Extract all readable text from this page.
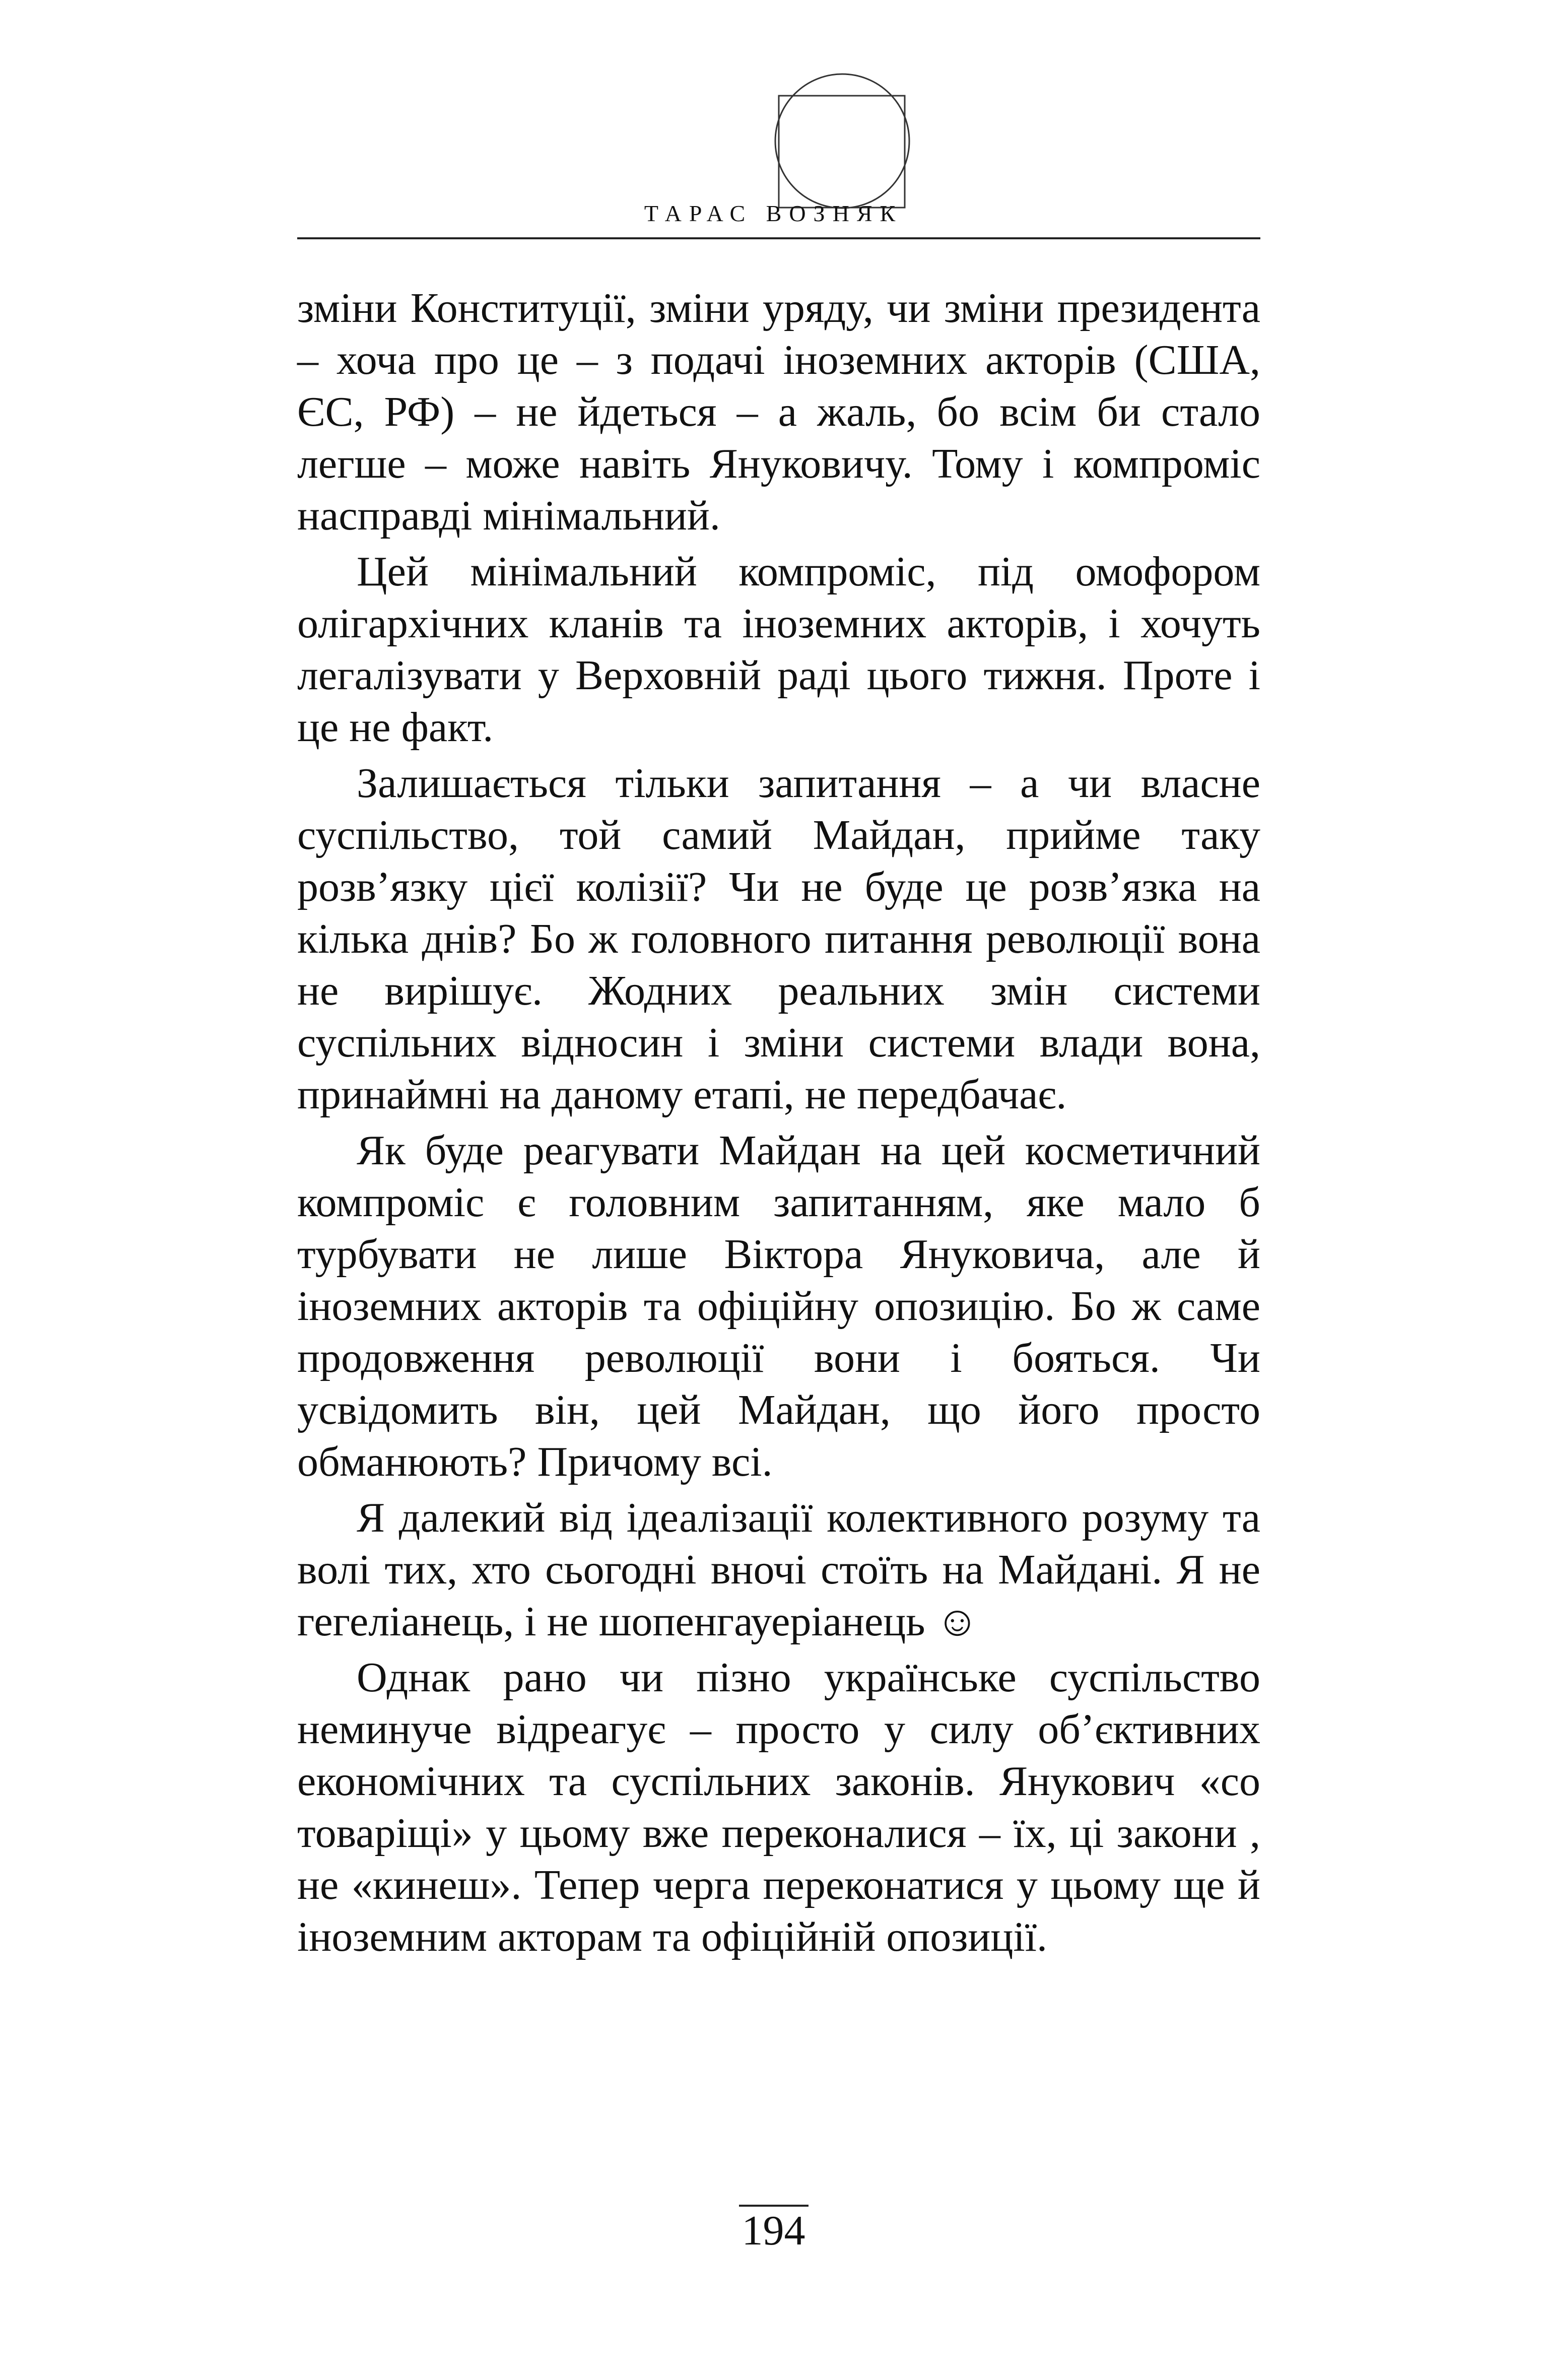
ТАРАС ВОЗНЯК

зміни Конституції, зміни уряду, чи зміни президента – хоча про це – з подачі іноземних акторів (США, ЄС, РФ) – не йдеться – а жаль, бо всім би стало легше – може навіть Януковичу. Тому і компроміс насправді мінімальний.

Цей мінімальний компроміс, під омофором олігархічних кланів та іноземних акторів, і хочуть легалізувати у Верховній раді цього тижня. Проте і це не факт.

Залишається тільки запитання – а чи власне суспільство, той самий Майдан, прийме таку розв’язку цієї колізії? Чи не буде це розв’язка на кілька днів? Бо ж головного питання революції вона не вирішує. Жодних реальних змін системи суспільних відносин і зміни системи влади вона, принаймні на даному етапі, не передбачає.

Як буде реагувати Майдан на цей косметичний компроміс є головним запитанням, яке мало б турбувати не лише Віктора Януковича, але й іноземних акторів та офіційну опозицію. Бо ж саме продовження революції вони і бояться. Чи усвідомить він, цей Майдан, що його просто обманюють? Причому всі.

Я далекий від ідеалізації колективного розуму та волі тих, хто сьогодні вночі стоїть на Майдані. Я не гегеліанець, і не шопенгауеріанець ☺

Однак рано чи пізно українське суспільство неминуче відреагує – просто у силу об’єктивних економічних та суспільних законів. Янукович «со товаріщі» у цьому вже переконалися – їх, ці закони , не «кинеш». Тепер черга переконатися у цьому ще й іноземним акторам та офіційній опозиції.

194
